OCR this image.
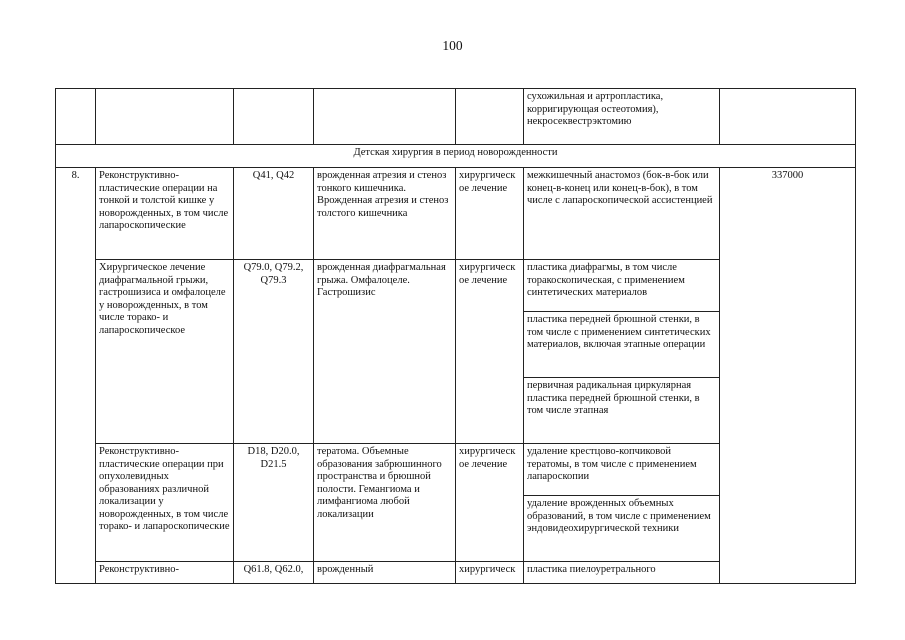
100
					сухожильная и артропластика, корригирующая остеотомия), некросеквестрэктомию	
Детская хирургия в период новорожденности						
8.	Реконструктивно-пластические операции на тонкой и толстой кишке у новорожденных, в том числе лапароскопические	Q41, Q42	врожденная атрезия и стеноз тонкого кишечника. Врожденная атрезия и стеноз толстого кишечника	хирургическ ое лечение	межкишечный анастомоз (бок-в-бок или конец-в-конец или конец-в-бок), в том числе с лапароскопической ассистенцией	337000
	Хирургическое лечение диафрагмальной грыжи, гастрошизиса и омфалоцеле у новорожденных, в том числе торако- и лапароскопическое	Q79.0, Q79.2, Q79.3	врожденная диафрагмальная грыжа. Омфалоцеле. Гастрошизис	хирургическ ое лечение	пластика диафрагмы, в том числе торакоскопическая, с применением синтетических материалов	
					пластика передней брюшной стенки, в том числе с применением синтетических материалов, включая этапные операции	
					первичная радикальная циркулярная пластика передней брюшной стенки, в том числе этапная	
	Реконструктивно-пластические операции при опухолевидных образованиях различной локализации у новорожденных, в том числе торако- и лапароскопические	D18, D20.0, D21.5	тератома. Объемные образования забрюшинного пространства и брюшной полости. Гемангиома и лимфангиома любой локализации	хирургическ ое лечение	удаление крестцово-копчиковой тератомы, в том числе с применением лапароскопии	
					удаление врожденных объемных образований, в том числе с применением эндовидеохирургической техники	
	Реконструктивно-	Q61.8, Q62.0,	врожденный	хирургическ	пластика пиелоуретрального	
